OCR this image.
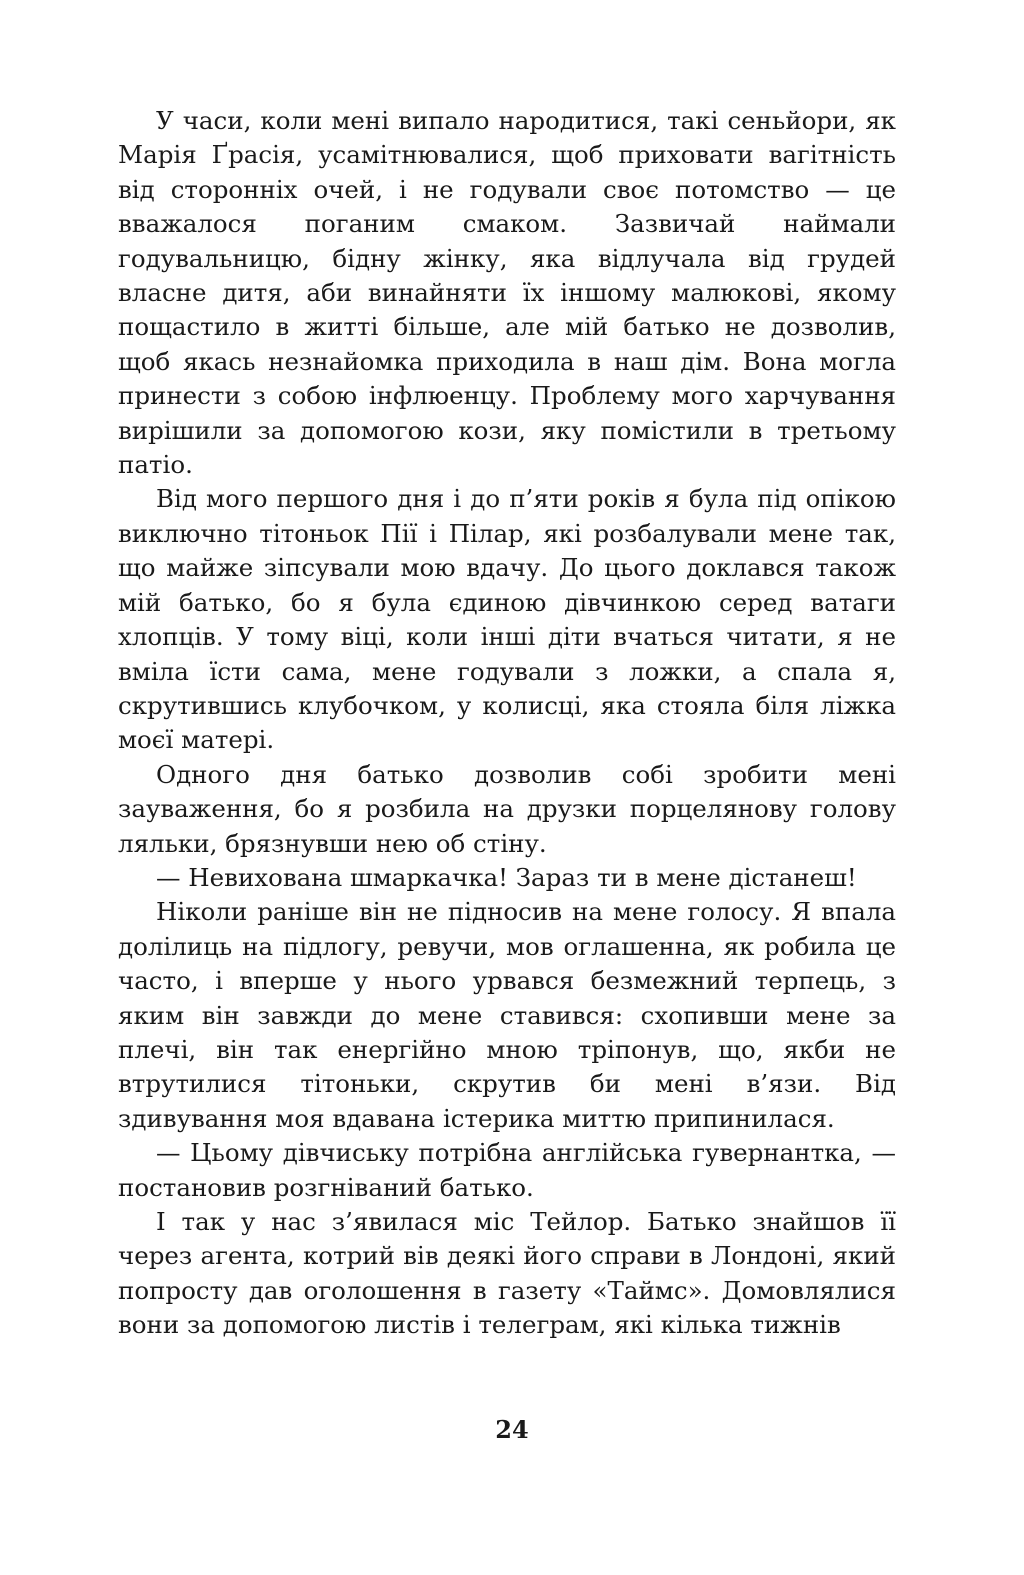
У часи, коли мені випало народитися, такі сеньйори, як Марія Ґрасія, усамітнювалися, щоб приховати вагітність від сторонніх очей, і не годували своє потомство — це вважалося поганим смаком. Зазвичай наймали годувальницю, бідну жінку, яка відлучала від грудей власне дитя, аби винайняти їх іншому малюкові, якому пощастило в житті більше, але мій батько не дозволив, щоб якась незнайомка приходила в наш дім. Вона могла принести з собою інфлюенцу. Проблему мого харчування вирішили за допомогою кози, яку помістили в третьому патіо.

Від мого першого дня і до п’яти років я була під опікою виключно тітоньок Пії і Пілар, які розбалували мене так, що майже зіпсували мою вдачу. До цього доклався також мій батько, бо я була єдиною дівчинкою серед ватаги хлопців. У тому віці, коли інші діти вчаться читати, я не вміла їсти сама, мене годували з ложки, а спала я, скрутившись клубочком, у колисці, яка стояла біля ліжка моєї матері.

Одного дня батько дозволив собі зробити мені зауваження, бо я розбила на друзки порцелянову голову ляльки, брязнувши нею об стіну.

— Невихована шмаркачка! Зараз ти в мене дістанеш!

Ніколи раніше він не підносив на мене голосу. Я впала долілиць на підлогу, ревучи, мов оглашенна, як робила це часто, і вперше у нього урвався безмежний терпець, з яким він завжди до мене ставився: схопивши мене за плечі, він так енергійно мною тріпонув, що, якби не втрутилися тітоньки, скрутив би мені в’язи. Від здивування моя вдавана істерика миттю припинилася.

— Цьому дівчиську потрібна англійська гувернантка, — постановив розгніваний батько.

І так у нас з’явилася міс Тейлор. Батько знайшов її через агента, котрий вів деякі його справи в Лондоні, який попросту дав оголошення в газету «Таймс». Домовлялися вони за допомогою листів і телеграм, які кілька тижнів

24
